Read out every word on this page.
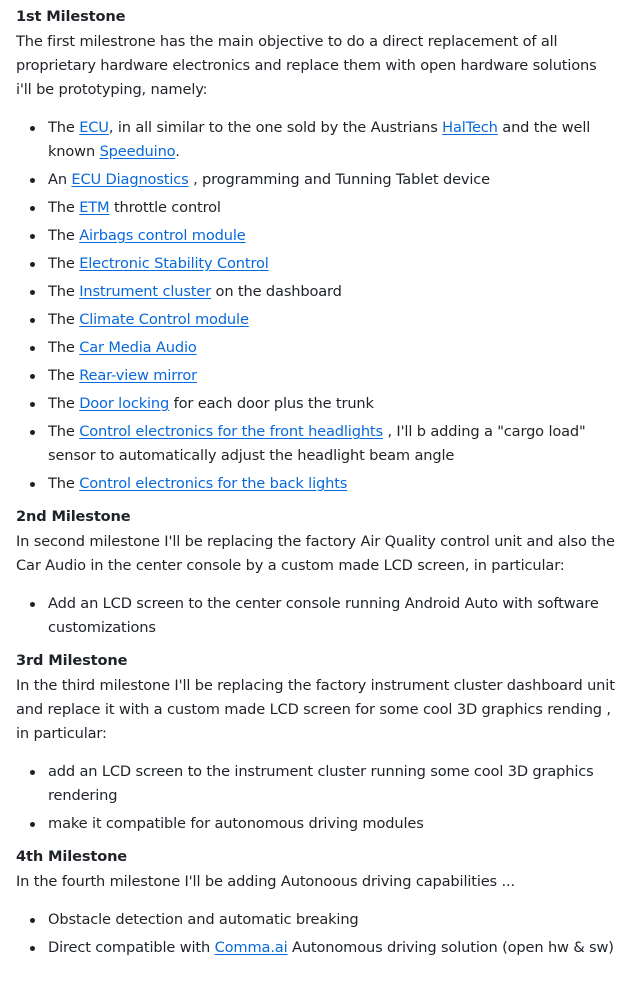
1st Milestone

The first milestrone has the main objective to do a direct replacement of all proprietary hardware electronics and replace them with open hardware solutions i'll be prototyping, namely:

The ECU, in all similar to the one sold by the Austrians HalTech and the well known Speeduino.
An ECU Diagnostics , programming and Tunning Tablet device
The ETM throttle control
The Airbags control module
The Electronic Stability Control
The Instrument cluster on the dashboard
The Climate Control module
The Car Media Audio
The Rear-view mirror
The Door locking for each door plus the trunk
The Control electronics for the front headlights , I'll b adding a "cargo load" sensor to automatically adjust the headlight beam angle
The Control electronics for the back lights
2nd Milestone

In second milestone I'll be replacing the factory Air Quality control unit and also the Car Audio in the center console by a custom made LCD screen, in particular:

Add an LCD screen to the center console running Android Auto with software customizations
3rd Milestone

In the third milestone I'll be replacing the factory instrument cluster dashboard unit and replace it with a custom made LCD screen for some cool 3D graphics rending , in particular:

add an LCD screen to the instrument cluster running some cool 3D graphics rendering
make it compatible for autonomous driving modules
4th Milestone

In the fourth milestone I'll be adding Autonoous driving capabilities ...

Obstacle detection and automatic breaking
Direct compatible with Comma.ai Autonomous driving solution (open hw & sw)
